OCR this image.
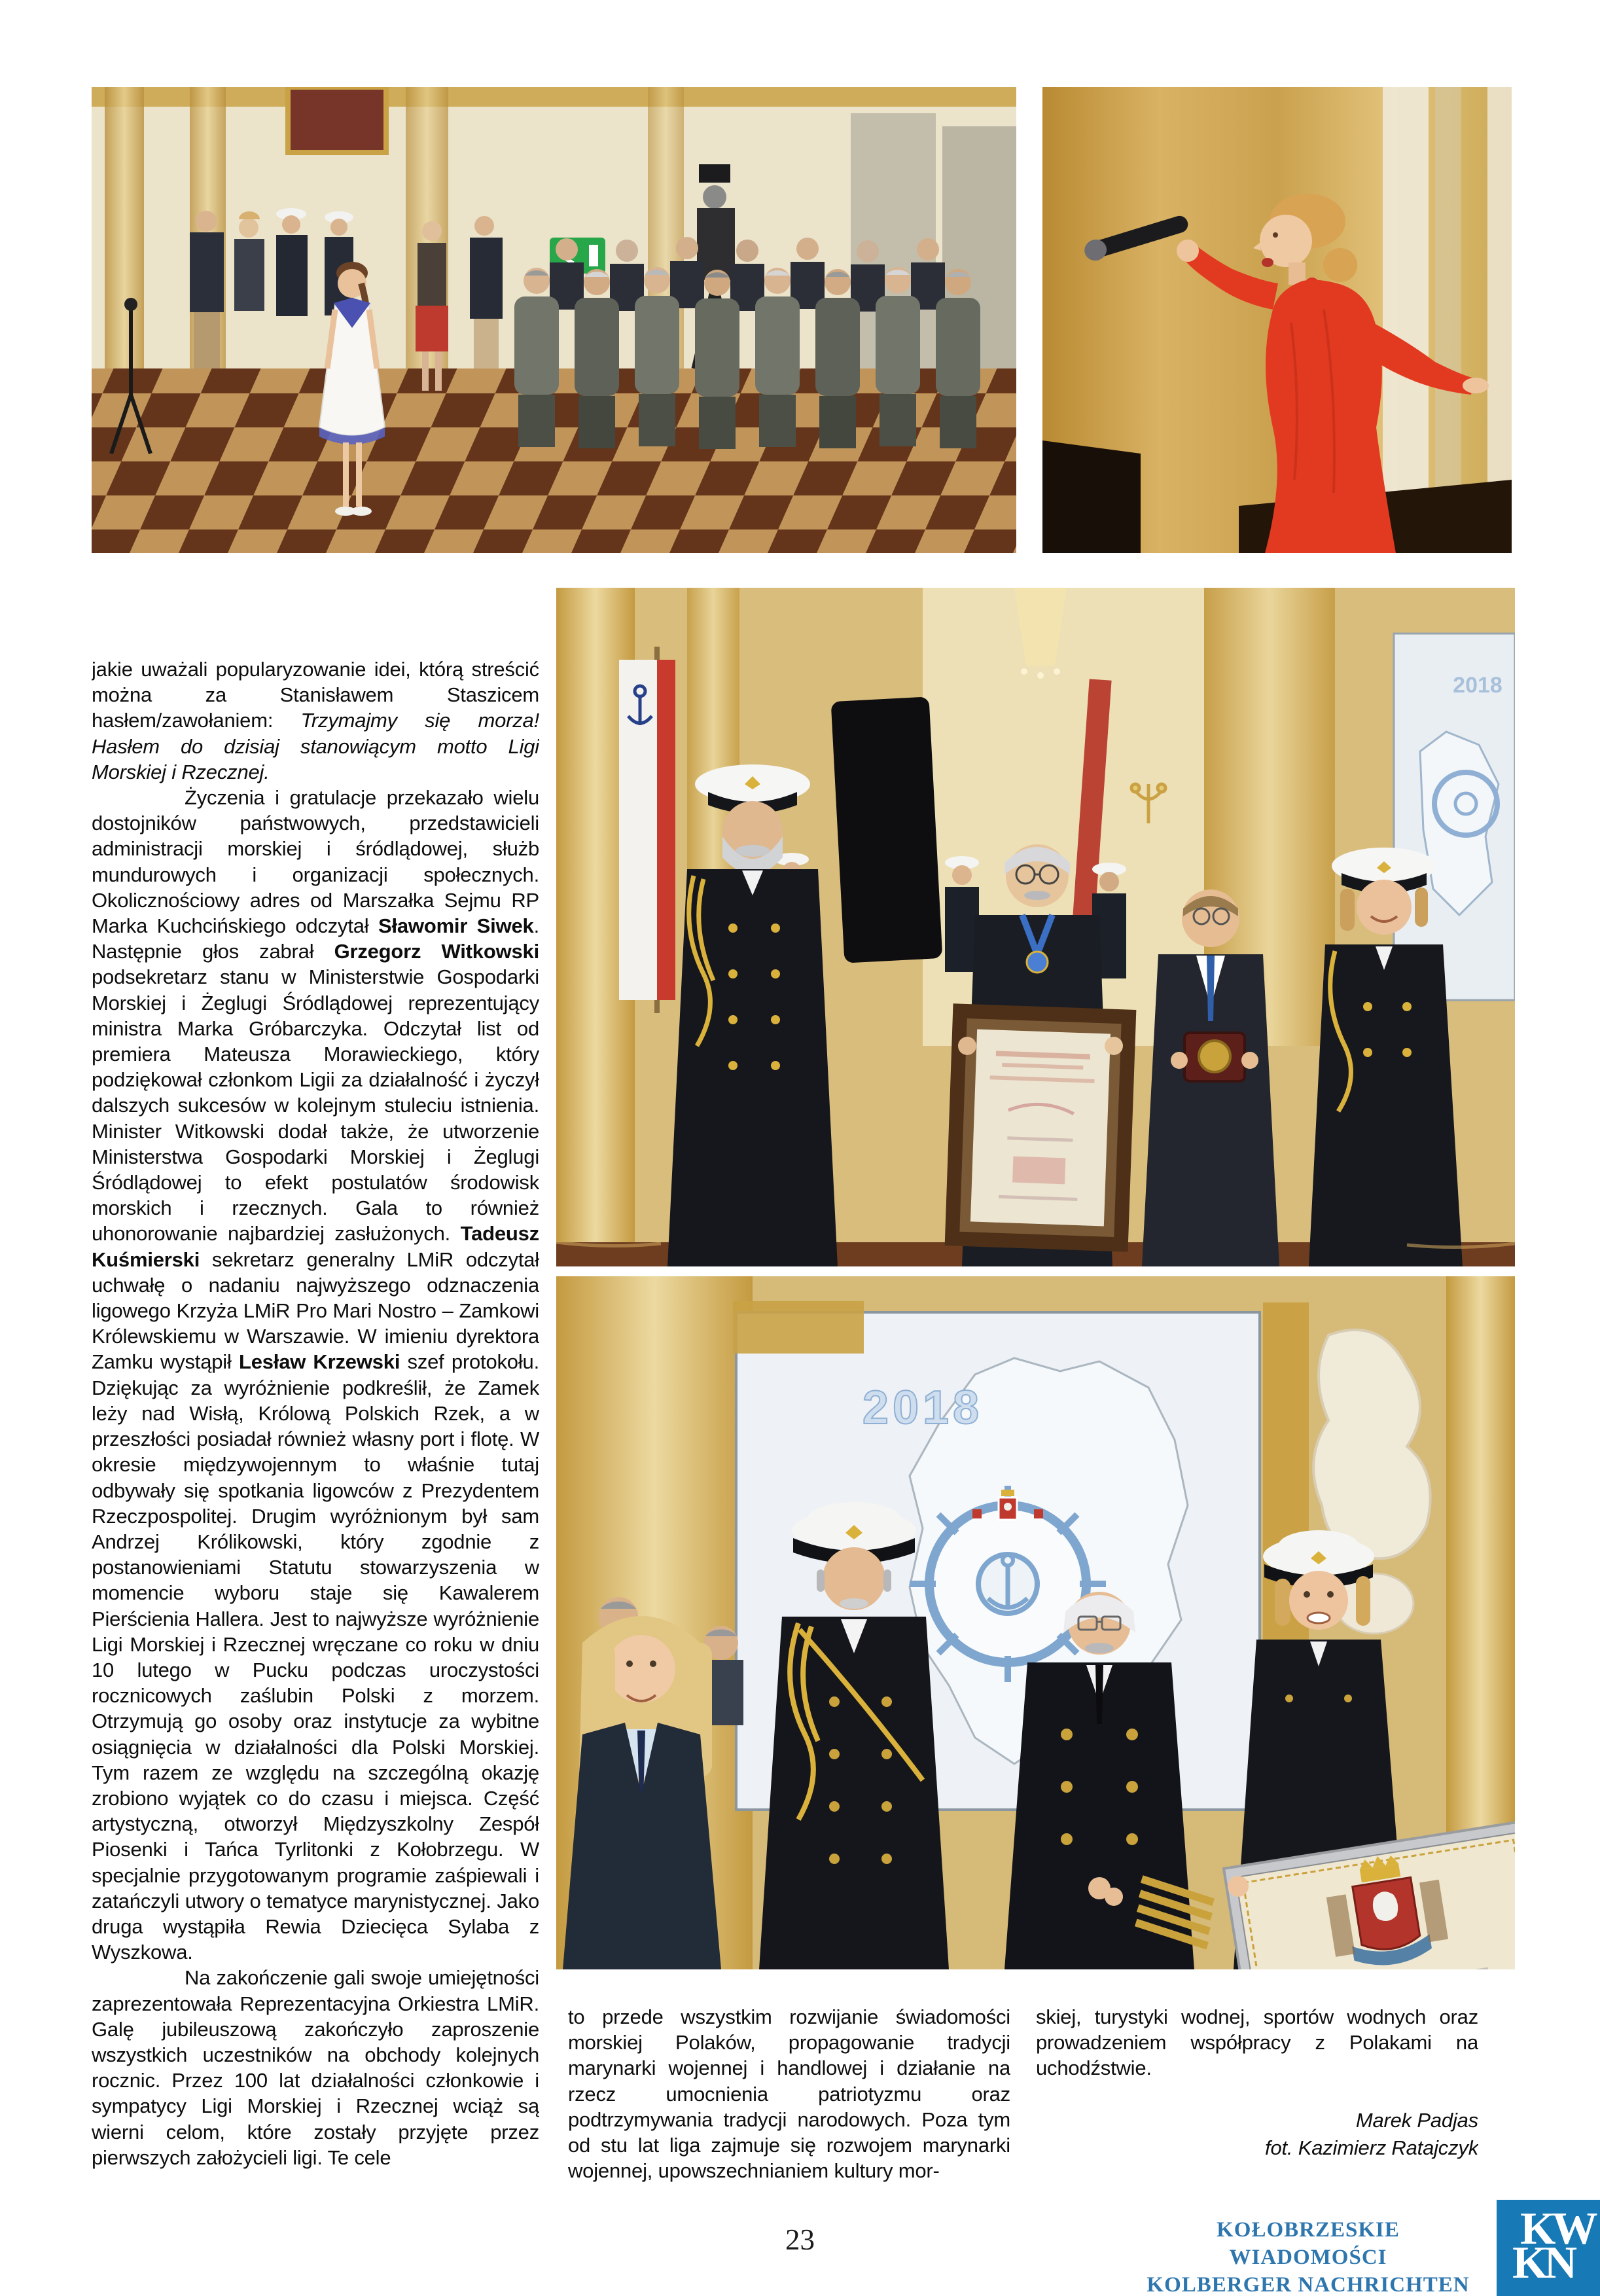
2018
2018

jakie uważali popularyzowanie idei, którą streścić można za Stanisławem Staszicem hasłem/zawołaniem: Trzymajmy się morza! Hasłem do dzisiaj stanowiącym motto Ligi Morskiej i Rzecznej.

Życzenia i gratulacje przekazało wielu dostojników państwowych, przedstawicieli administracji morskiej i śródlądowej, służb mundurowych i organizacji społecznych. Okolicznościowy adres od Marszałka Sejmu RP Marka Kuchcińskiego odczytał Sławomir Siwek. Następnie głos zabrał Grzegorz Witkowski podsekretarz stanu w Ministerstwie Gospodarki Morskiej i Żeglugi Śródlądowej reprezentujący ministra Marka Gróbarczyka. Odczytał list od premiera Mateusza Morawieckiego, który podziękował członkom Ligii za działalność i życzył dalszych sukcesów w kolejnym stuleciu istnienia. Minister Witkowski dodał także, że utworzenie Ministerstwa Gospodarki Morskiej i Żeglugi Śródlądowej to efekt postulatów środowisk morskich i rzecznych. Gala to również uhonorowanie najbardziej zasłużonych. Tadeusz Kuśmierski sekretarz generalny LMiR odczytał uchwałę o nadaniu najwyższego odznaczenia ligowego Krzyża LMiR Pro Mari Nostro – Zamkowi Królewskiemu w Warszawie. W imieniu dyrektora Zamku wystąpił Lesław Krzewski szef protokołu. Dziękując za wyróżnienie podkreślił, że Zamek leży nad Wisłą, Królową Polskich Rzek, a w przeszłości posiadał również własny port i flotę. W okresie międzywojennym to właśnie tutaj odbywały się spotkania ligowców z Prezydentem Rzeczpospolitej. Drugim wyróżnionym był sam Andrzej Królikowski, który zgodnie z postanowieniami Statutu stowarzyszenia w momencie wyboru staje się Kawalerem Pierścienia Hallera. Jest to najwyższe wyróżnienie Ligi Morskiej i Rzecznej wręczane co roku w dniu 10 lutego w Pucku podczas uroczystości rocznicowych zaślubin Polski z morzem. Otrzymują go osoby oraz instytucje za wybitne osiągnięcia w działalności dla Polski Morskiej. Tym razem ze względu na szczególną okazję zrobiono wyjątek co do czasu i miejsca. Część artystyczną, otworzył Międzyszkolny Zespół Piosenki i Tańca Tyrlitonki z Kołobrzegu. W specjalnie przygotowanym programie zaśpiewali i zatańczyli utwory o tematyce marynistycznej. Jako druga wystąpiła Rewia Dziecięca Sylaba z Wyszkowa.

Na zakończenie gali swoje umiejętności zaprezentowała Reprezentacyjna Orkiestra LMiR. Galę jubileuszową zakończyło zaproszenie wszystkich uczestników na obchody kolejnych rocznic. Przez 100 lat działalności członkowie i sympatycy Ligi Morskiej i Rzecznej wciąż są wierni celom, które zostały przyjęte przez pierwszych założycieli ligi. Te cele

to przede wszystkim rozwijanie świadomości morskiej Polaków, propagowanie tradycji marynarki wojennej i handlowej i działanie na rzecz umocnienia patriotyzmu oraz podtrzymywania tradycji narodowych. Poza tym od stu lat liga zajmuje się rozwojem marynarki wojennej, upowszechnianiem kultury mor-

skiej, turystyki wodnej, sportów wodnych oraz prowadzeniem współpracy z Polakami na uchodźstwie.

Marek Padjas
fot. Kazimierz Ratajczyk
23	KOŁOBRZESKIE WIADOMOŚCI
KOLBERGER NACHRICHTEN
KW
KN
